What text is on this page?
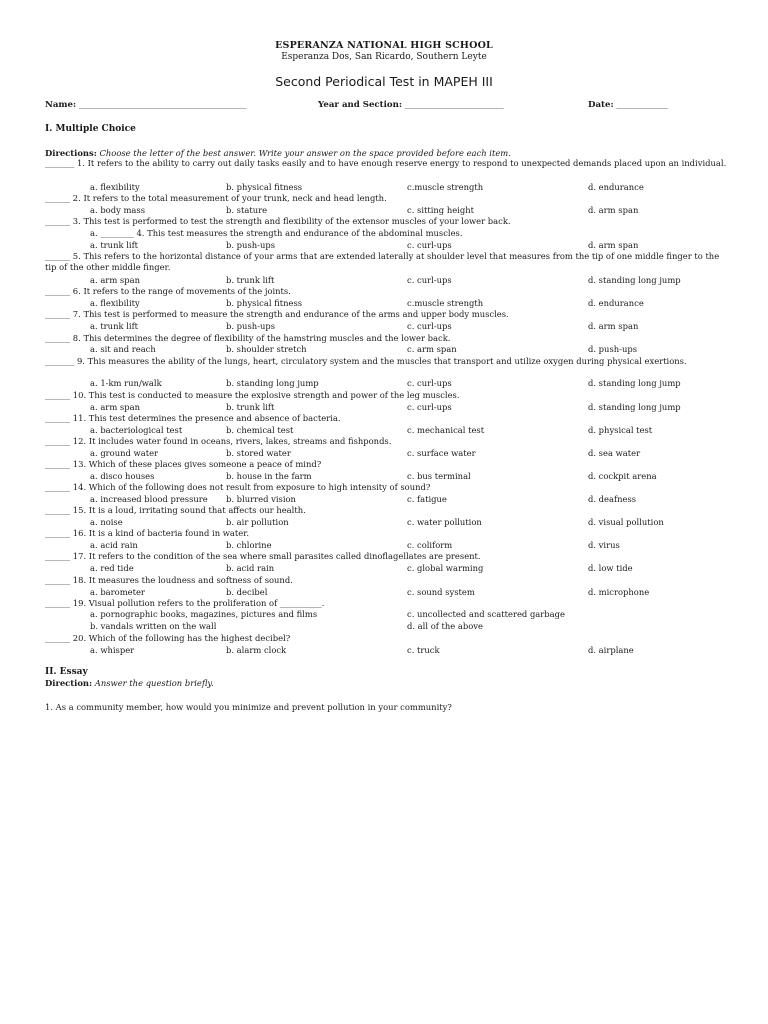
ESPERANZA NATIONAL HIGH SCHOOL
Esperanza Dos, San Ricardo, Southern Leyte
Second Periodical Test in MAPEH III
Name: _______________________________________	Year and Section: _______________________	Date: ____________
I. Multiple Choice
Directions: Choose the letter of the best answer. Write your answer on the space provided before each item.
_______ 1. It refers to the ability to carry out daily tasks easily and to have enough reserve energy to respond to unexpected demands placed upon an individual.
a. flexibility	b. physical fitness	c.muscle strength	d. endurance
______ 2. It refers to the total measurement of your trunk, neck and head length.
a. body mass	b. stature	c. sitting height	d. arm span
______ 3. This test is performed to test the strength and flexibility of the extensor muscles of your lower back.
a. ________ 4. This test measures the strength and endurance of the abdominal muscles.
a. trunk lift	b. push-ups	c. curl-ups	d. arm span
______ 5. This refers to the horizontal distance of your arms that are extended laterally at shoulder level that measures from the tip of one middle finger to the tip of the other middle finger.
a. arm span	b. trunk lift	c. curl-ups	d. standing long jump
______ 6. It refers to the range of movements of the joints.
a. flexibility	b. physical fitness	c.muscle strength	d. endurance
______ 7. This test is performed to measure the strength and endurance of the arms and upper body muscles.
a. trunk lift	b. push-ups	c. curl-ups	d. arm span
______ 8. This determines the degree of flexibility of the hamstring muscles and the lower back.
a. sit and reach	b. shoulder stretch	c. arm span	d. push-ups
_______ 9. This measures the ability of the lungs, heart, circulatory system and the muscles that transport and utilize oxygen during physical exertions.
a. 1-km run/walk	b. standing long jump	c. curl-ups	d. standing long jump
______ 10. This test is conducted to measure the explosive strength and power of the leg muscles.
a. arm span	b. trunk lift	c. curl-ups	d. standing long jump
______ 11. This test determines the presence and absence of bacteria.
a. bacteriological test	b. chemical test	c. mechanical test	d. physical test
______ 12. It includes water found in oceans, rivers, lakes, streams and fishponds.
a. ground water	b. stored water	c. surface water	d. sea water
______ 13. Which of these places gives someone a peace of mind?
a. disco houses	b. house in the farm	c. bus terminal	d. cockpit arena
______ 14. Which of the following does not result from exposure to high intensity of sound?
a. increased blood pressure b. blurred vision	c. fatigue	d. deafness
______ 15. It is a loud, irritating sound that affects our health.
a. noise	b. air pollution	c. water pollution	d. visual pollution
______ 16. It is a kind of bacteria found in water.
a. acid rain	b. chlorine	c. coliform	d. virus
______ 17. It refers to the condition of the sea where small parasites called dinoflagellates are present.
a. red tide	b. acid rain	c. global warming	d. low tide
______ 18. It measures the loudness and softness of sound.
a. barometer	b. decibel	c. sound system	d. microphone
______ 19. Visual pollution refers to the proliferation of __________.
a. pornographic books, magazines, pictures and films	c. uncollected and scattered garbage
b. vandals written on the wall	d. all of the above
______ 20. Which of the following has the highest decibel?
a. whisper	b. alarm clock	c. truck	d. airplane
II. Essay
Direction: Answer the question briefly.
1. As a community member, how would you minimize and prevent pollution in your community?
